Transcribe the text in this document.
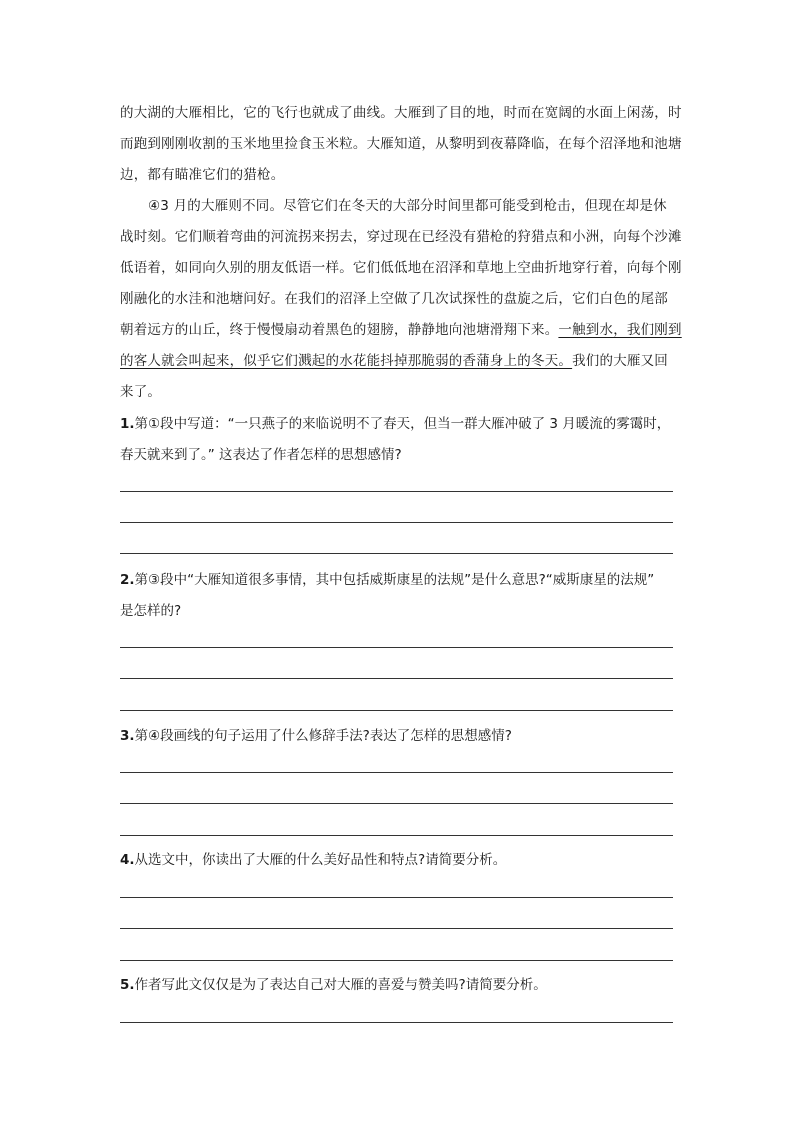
的大湖的大雁相比，它的飞行也就成了曲线。大雁到了目的地，时而在宽阔的水面上闲荡，时
而跑到刚刚收割的玉米地里捡食玉米粒。大雁知道，从黎明到夜幕降临，在每个沼泽地和池塘
边，都有瞄准它们的猎枪。
④3 月的大雁则不同。尽管它们在冬天的大部分时间里都可能受到枪击，但现在却是休
战时刻。它们顺着弯曲的河流拐来拐去，穿过现在已经没有猎枪的狩猎点和小洲，向每个沙滩
低语着，如同向久别的朋友低语一样。它们低低地在沼泽和草地上空曲折地穿行着，向每个刚
刚融化的水洼和池塘问好。在我们的沼泽上空做了几次试探性的盘旋之后，它们白色的尾部
朝着远方的山丘，终于慢慢扇动着黑色的翅膀，静静地向池塘滑翔下来。一触到水，我们刚到
的客人就会叫起来，似乎它们溅起的水花能抖掉那脆弱的香蒲身上的冬天。我们的大雁又回
来了。
1.第①段中写道：“一只燕子的来临说明不了春天，但当一群大雁冲破了 3 月暖流的雾霭时，
春天就来到了。” 这表达了作者怎样的思想感情?
2.第③段中“大雁知道很多事情，其中包括威斯康星的法规”是什么意思?“威斯康星的法规”
是怎样的?
3.第④段画线的句子运用了什么修辞手法?表达了怎样的思想感情?
4.从选文中，你读出了大雁的什么美好品性和特点?请简要分析。
5.作者写此文仅仅是为了表达自己对大雁的喜爱与赞美吗?请简要分析。
